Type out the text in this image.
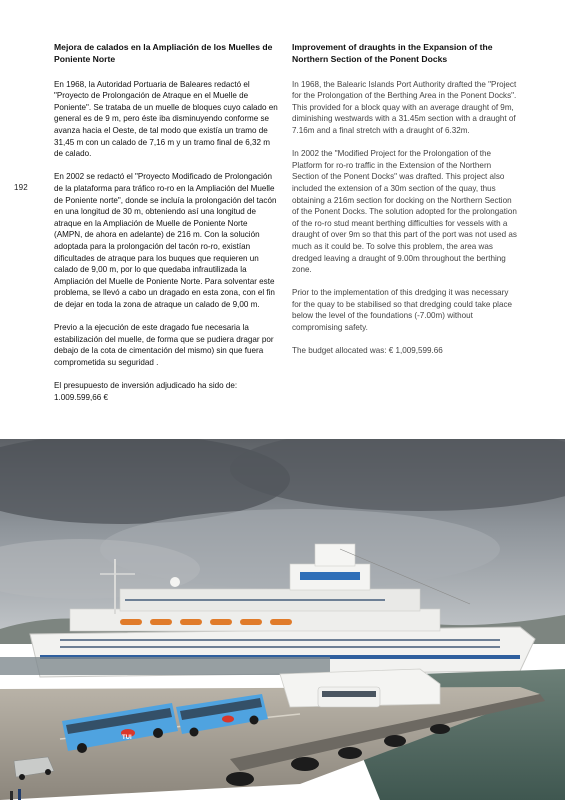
192
Mejora de calados en la Ampliación de los Muelles de Poniente Norte

En 1968, la Autoridad Portuaria de Baleares redactó el "Proyecto de Prolongación de Atraque en el Muelle de Poniente". Se trataba de un muelle de bloques cuyo calado en general es de 9 m, pero éste iba disminuyendo conforme se avanza hacia el Oeste, de tal modo que existía un tramo de 31,45 m con un calado de 7,16 m y un tramo final de 6,32 m de calado.

En 2002 se redactó el "Proyecto Modificado de Prolongación de la plataforma para tráfico ro-ro en la Ampliación del Muelle de Poniente norte", donde se incluía la prolongación del tacón en una longitud de 30 m, obteniendo así una longitud de atraque en la Ampliación de Muelle de Poniente Norte (AMPN, de ahora en adelante) de 216 m. Con la solución adoptada para la prolongación del tacón ro-ro, existían dificultades de atraque para los buques que requieren un calado de 9,00 m, por lo que quedaba infrautilizada la Ampliación del Muelle de Poniente Norte. Para solventar este problema, se llevó a cabo un dragado en esta zona, con el fin de dejar en toda la zona de atraque un calado de 9,00 m.

Previo a la ejecución de este dragado fue necesaria la estabilización del muelle, de forma que se pudiera dragar por debajo de la cota de cimentación del mismo) sin que fuera comprometida su seguridad .

El presupuesto de inversión adjudicado ha sido de: 1.009.599,66 €

Improvement of draughts in the Expansion of the Northern Section of the Ponent Docks

In 1968, the Balearic Islands Port Authority drafted the "Project for the Prolongation of the Berthing Area in the Ponent Docks". This provided for a block quay with an average draught of 9m, diminishing westwards with a 31.45m section with a draught of 7.16m and a final stretch with a draught of 6.32m.

In 2002 the "Modified Project for the Prolongation of the Platform for ro-ro traffic in the Extension of the Northern Section of the Ponent Docks" was drafted. This project also included the extension of a 30m section of the quay, thus obtaining a 216m section for docking on the Northern Section of the Ponent Docks. The solution adopted for the prolongation of the ro-ro stud meant berthing difficulties for vessels with a draught of over 9m so that this part of the port was not used as much as it could be. To solve this problem, the area was dredged leaving a draught of 9.00m throughout the berthing zone.

Prior to the implementation of this dredging it was necessary for the quay to be stabilised so that dredging could take place below the level of the foundations (-7.00m) without compromising safety.

The budget allocated was: € 1,009,599.66

TUI
